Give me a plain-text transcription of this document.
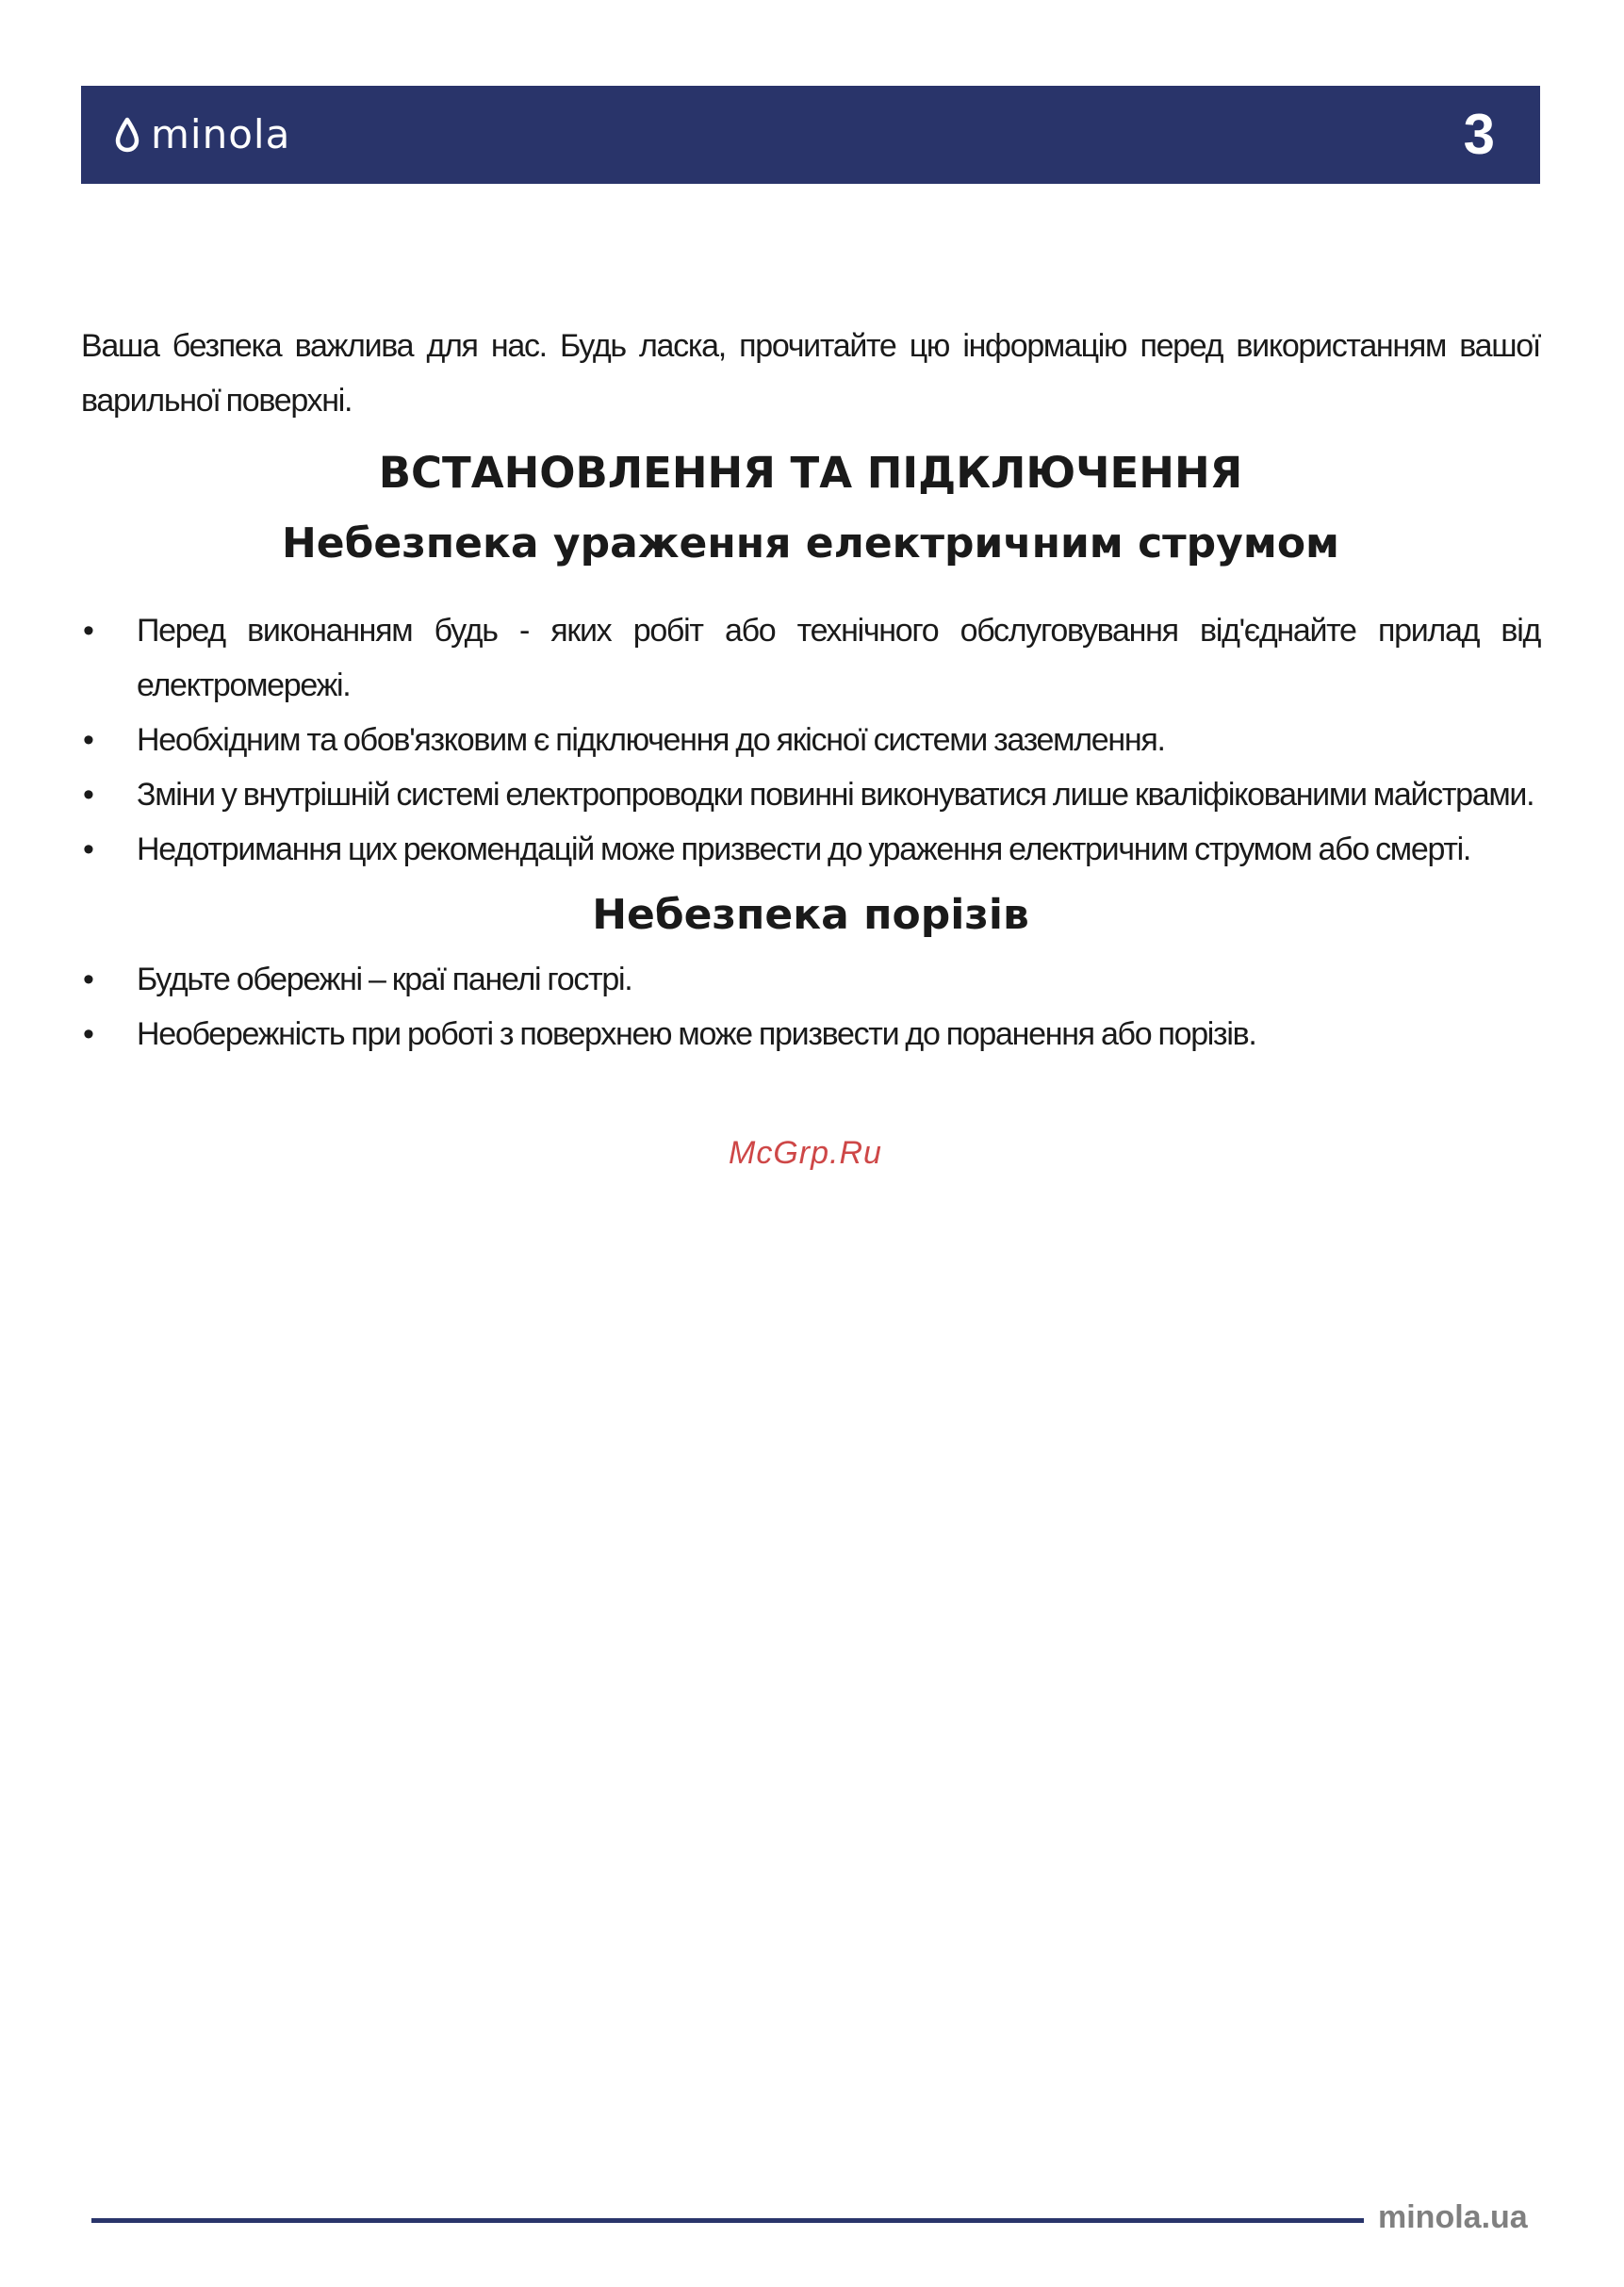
minola	3

Ваша безпека важлива для нас. Будь ласка, прочитайте цю інформацію перед використанням вашої варильної поверхні.

ВСТАНОВЛЕННЯ ТА ПІДКЛЮЧЕННЯ
Небезпека ураження електричним струмом
• Перед виконанням будь - яких робіт або технічного обслуговування від'єднайте прилад від електромережі.
• Необхідним та обов'язковим є підключення до якісної системи заземлення.
• Зміни у внутрішній системі електропроводки повинні виконуватися лише кваліфікованими майстрами.
• Недотримання цих рекомендацій може призвести до ураження електричним струмом або смерті.
Небезпека порізів
• Будьте обережні – краї панелі гострі.
• Необережність при роботі з поверхнею може призвести до поранення або порізів.
McGrp.Ru
minola.ua
